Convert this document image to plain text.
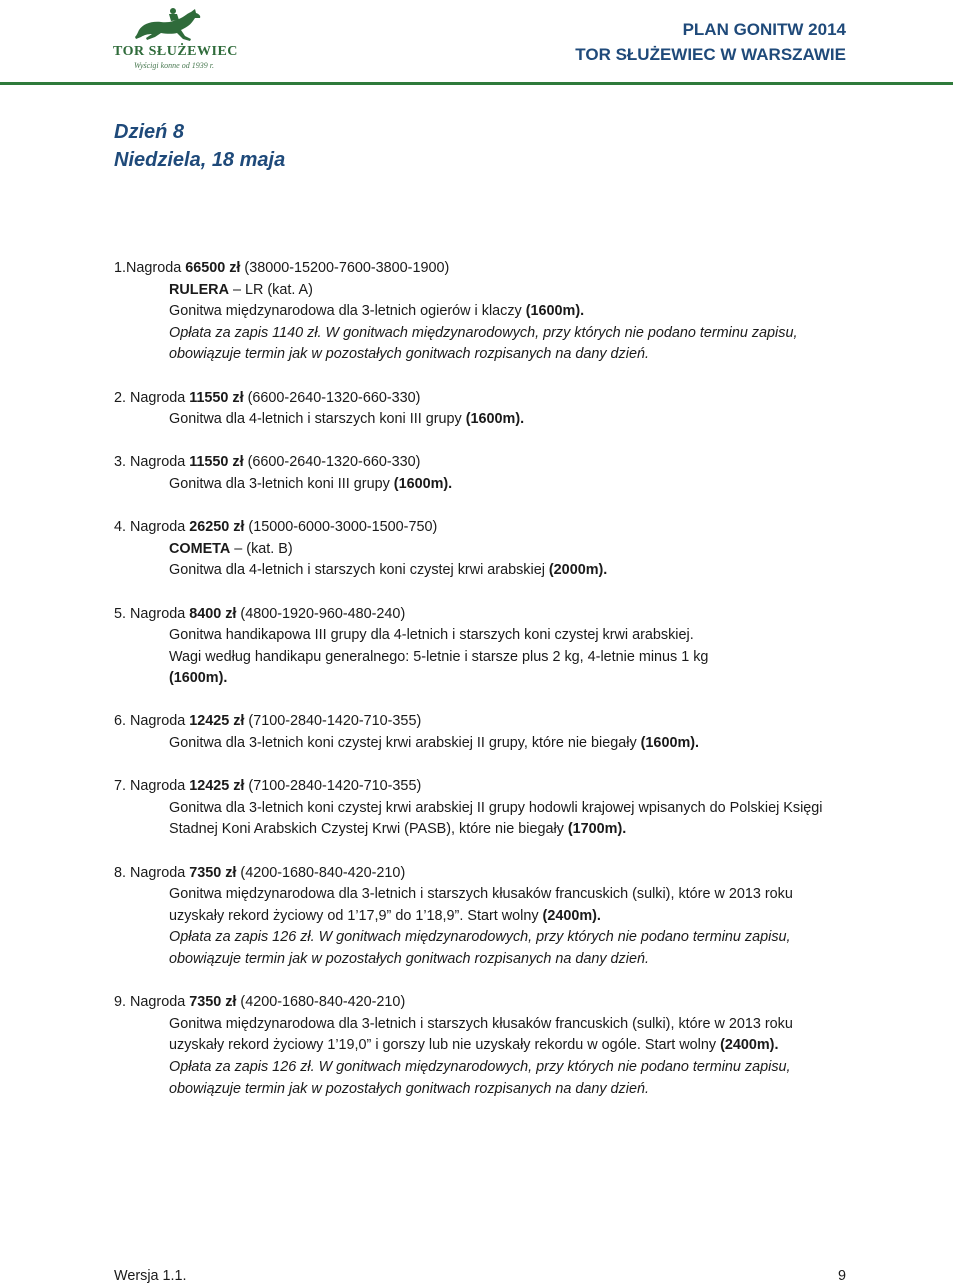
TOR SŁUŻEWIEC
Wyścigi konne od 1939 r.
PLAN GONITW 2014
TOR SŁUŻEWIEC W WARSZAWIE
Dzień 8
Niedziela, 18 maja
1.Nagroda 66500 zł (38000-15200-7600-3800-1900)
RULERA – LR (kat. A)
Gonitwa międzynarodowa dla 3-letnich ogierów i klaczy (1600m).
Opłata za zapis 1140 zł. W gonitwach międzynarodowych, przy których nie podano terminu zapisu, obowiązuje termin jak w pozostałych gonitwach rozpisanych na dany dzień.
2. Nagroda 11550 zł (6600-2640-1320-660-330)
Gonitwa dla 4-letnich i starszych koni III grupy (1600m).
3. Nagroda 11550 zł (6600-2640-1320-660-330)
Gonitwa dla 3-letnich koni III grupy (1600m).
4. Nagroda 26250 zł (15000-6000-3000-1500-750)
COMETA – (kat. B)
Gonitwa dla 4-letnich i starszych koni czystej krwi arabskiej (2000m).
5. Nagroda 8400 zł (4800-1920-960-480-240)
Gonitwa handikapowa III grupy dla 4-letnich i starszych koni czystej krwi arabskiej.
Wagi według handikapu generalnego: 5-letnie i starsze plus 2 kg, 4-letnie minus 1 kg
(1600m).
6. Nagroda 12425 zł (7100-2840-1420-710-355)
Gonitwa dla 3-letnich koni czystej krwi arabskiej II grupy, które nie biegały (1600m).
7. Nagroda 12425 zł (7100-2840-1420-710-355)
Gonitwa dla 3-letnich koni czystej krwi arabskiej II grupy hodowli krajowej wpisanych do Polskiej Księgi Stadnej Koni Arabskich Czystej Krwi (PASB), które nie biegały (1700m).
8. Nagroda 7350 zł (4200-1680-840-420-210)
Gonitwa międzynarodowa dla 3-letnich i starszych kłusaków francuskich (sulki), które w 2013 roku uzyskały rekord życiowy od 1’17,9” do 1’18,9”. Start wolny (2400m).
Opłata za zapis 126 zł. W gonitwach międzynarodowych, przy których nie podano terminu zapisu, obowiązuje termin jak w pozostałych gonitwach rozpisanych na dany dzień.
9. Nagroda 7350 zł (4200-1680-840-420-210)
Gonitwa międzynarodowa dla 3-letnich i starszych kłusaków francuskich (sulki), które w 2013 roku uzyskały rekord życiowy 1’19,0” i gorszy lub nie uzyskały rekordu w ogóle. Start wolny (2400m).
Opłata za zapis 126 zł. W gonitwach międzynarodowych, przy których nie podano terminu zapisu, obowiązuje termin jak w pozostałych gonitwach rozpisanych na dany dzień.
Wersja 1.1.	9
